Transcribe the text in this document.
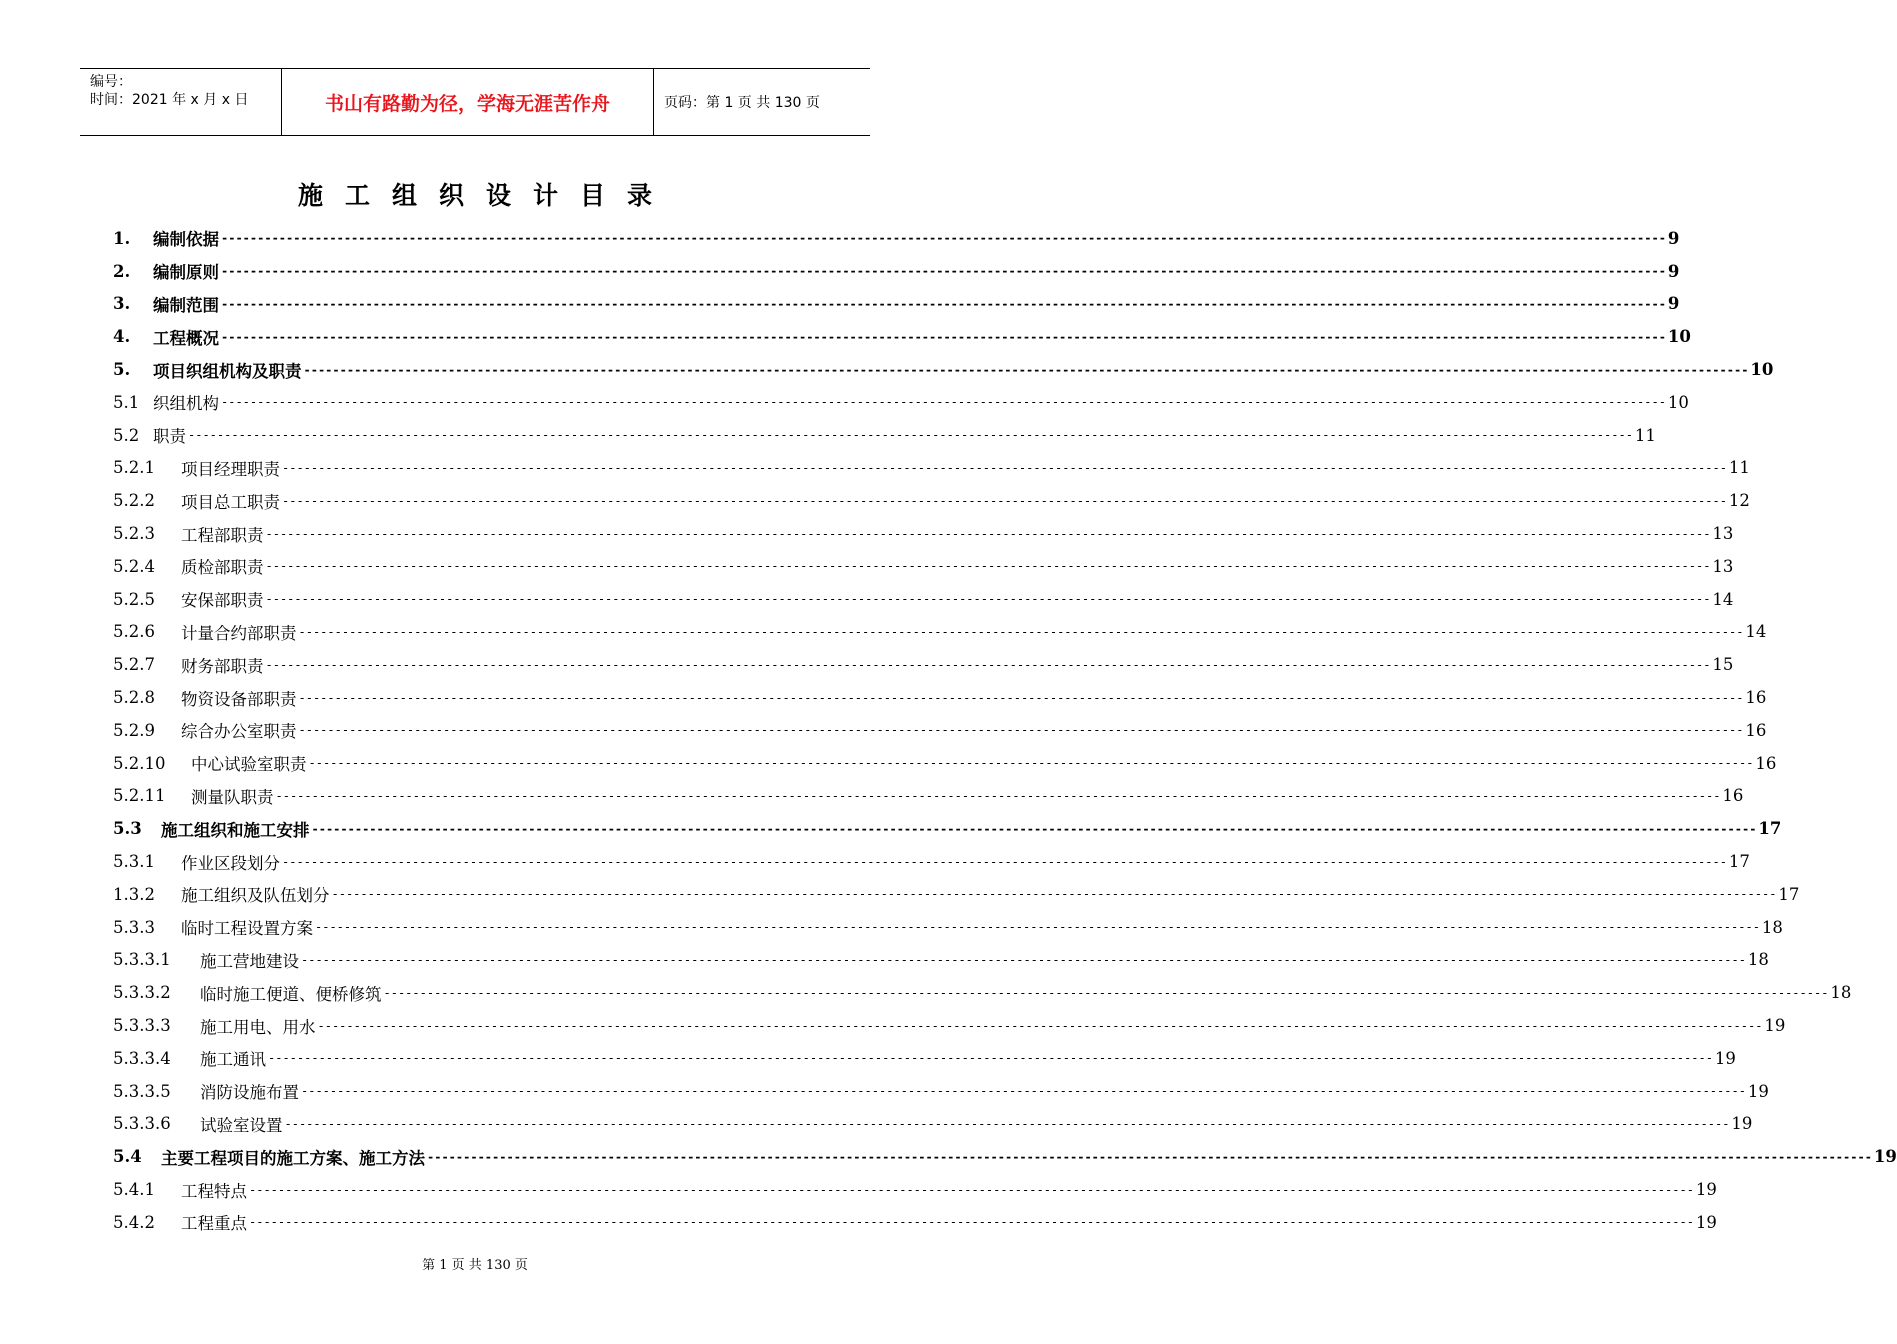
编号：
时间：2021 年 x 月 x 日	书山有路勤为径，学海无涯苦作舟	页码：第 1 页 共 130 页
施工组织设计目录
1.	编制依据 -------------------------------------------------------------------------------------------------------------------------------------------------------------------------------------------------------- 9
2.	编制原则 -------------------------------------------------------------------------------------------------------------------------------------------------------------------------------------------------------- 9
3.	编制范围 -------------------------------------------------------------------------------------------------------------------------------------------------------------------------------------------------------- 9
4.	工程概况 -------------------------------------------------------------------------------------------------------------------------------------------------------------------------------------------------------- 10
5.	项目织组机构及职责 -------------------------------------------------------------------------------------------------------------------------------------------------------------------------------------------------------- 10
5.1 织组机构 -------------------------------------------------------------------------------------------------------------------------------------------------------------------------------------------------------- 10
5.2 职责 -------------------------------------------------------------------------------------------------------------------------------------------------------------------------------------------------------- 11
5.2.1	项目经理职责 -------------------------------------------------------------------------------------------------------------------------------------------------------------------------------------------------------- 11
5.2.2	项目总工职责 -------------------------------------------------------------------------------------------------------------------------------------------------------------------------------------------------------- 12
5.2.3	工程部职责 -------------------------------------------------------------------------------------------------------------------------------------------------------------------------------------------------------- 13
5.2.4	质检部职责 -------------------------------------------------------------------------------------------------------------------------------------------------------------------------------------------------------- 13
5.2.5	安保部职责 -------------------------------------------------------------------------------------------------------------------------------------------------------------------------------------------------------- 14
5.2.6	计量合约部职责 -------------------------------------------------------------------------------------------------------------------------------------------------------------------------------------------------------- 14
5.2.7	财务部职责 -------------------------------------------------------------------------------------------------------------------------------------------------------------------------------------------------------- 15
5.2.8	物资设备部职责 -------------------------------------------------------------------------------------------------------------------------------------------------------------------------------------------------------- 16
5.2.9	综合办公室职责 -------------------------------------------------------------------------------------------------------------------------------------------------------------------------------------------------------- 16
5.2.10	中心试验室职责 -------------------------------------------------------------------------------------------------------------------------------------------------------------------------------------------------------- 16
5.2.11	测量队职责 -------------------------------------------------------------------------------------------------------------------------------------------------------------------------------------------------------- 16
5.3	施工组织和施工安排 -------------------------------------------------------------------------------------------------------------------------------------------------------------------------------------------------------- 17
5.3.1	作业区段划分 -------------------------------------------------------------------------------------------------------------------------------------------------------------------------------------------------------- 17
1.3.2	施工组织及队伍划分 -------------------------------------------------------------------------------------------------------------------------------------------------------------------------------------------------------- 17
5.3.3	临时工程设置方案 -------------------------------------------------------------------------------------------------------------------------------------------------------------------------------------------------------- 18
5.3.3.1	施工营地建设 -------------------------------------------------------------------------------------------------------------------------------------------------------------------------------------------------------- 18
5.3.3.2	临时施工便道、便桥修筑 -------------------------------------------------------------------------------------------------------------------------------------------------------------------------------------------------------- 18
5.3.3.3	施工用电、用水 -------------------------------------------------------------------------------------------------------------------------------------------------------------------------------------------------------- 19
5.3.3.4	施工通讯 -------------------------------------------------------------------------------------------------------------------------------------------------------------------------------------------------------- 19
5.3.3.5	消防设施布置 -------------------------------------------------------------------------------------------------------------------------------------------------------------------------------------------------------- 19
5.3.3.6	试验室设置 -------------------------------------------------------------------------------------------------------------------------------------------------------------------------------------------------------- 19
5.4	主要工程项目的施工方案、施工方法 -------------------------------------------------------------------------------------------------------------------------------------------------------------------------------------------------------- 19
5.4.1	工程特点 -------------------------------------------------------------------------------------------------------------------------------------------------------------------------------------------------------- 19
5.4.2	工程重点 -------------------------------------------------------------------------------------------------------------------------------------------------------------------------------------------------------- 19
第 1 页 共 130 页
